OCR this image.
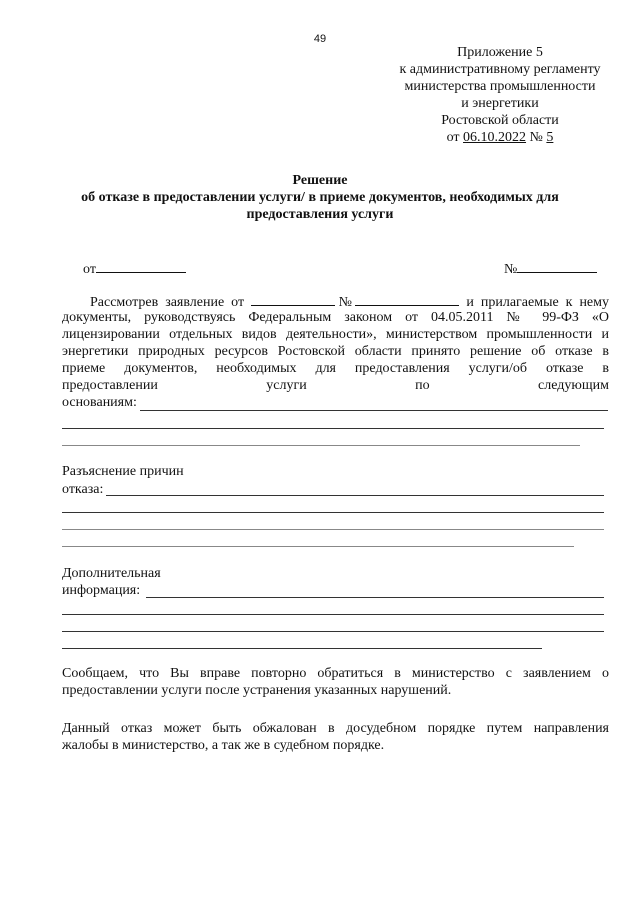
49
Приложение 5
к административному регламенту
министерства промышленности
и энергетики
Ростовской области
от 06.10.2022 № 5
Решение
об отказе в предоставлении услуги/ в приеме документов, необходимых для
предоставления услуги
от	№
Рассмотрев заявление от	№	и прилагаемые к нему
документы, руководствуясь Федеральным законом от 04.05.2011 № 99-ФЗ «О
лицензировании отдельных видов деятельности», министерством промышленности и
энергетики природных ресурсов Ростовской области принято решение об отказе в
приеме документов, необходимых для предоставления услуги/об отказе в
предоставлении услуги по следующим
основаниям:
Разъяснение причин
отказа:
Дополнительная
информация:
Сообщаем, что Вы вправе повторно обратиться в министерство с заявлением о
предоставлении услуги после устранения указанных нарушений.
Данный отказ может быть обжалован в досудебном порядке путем направления
жалобы в министерство, а так же в судебном порядке.
